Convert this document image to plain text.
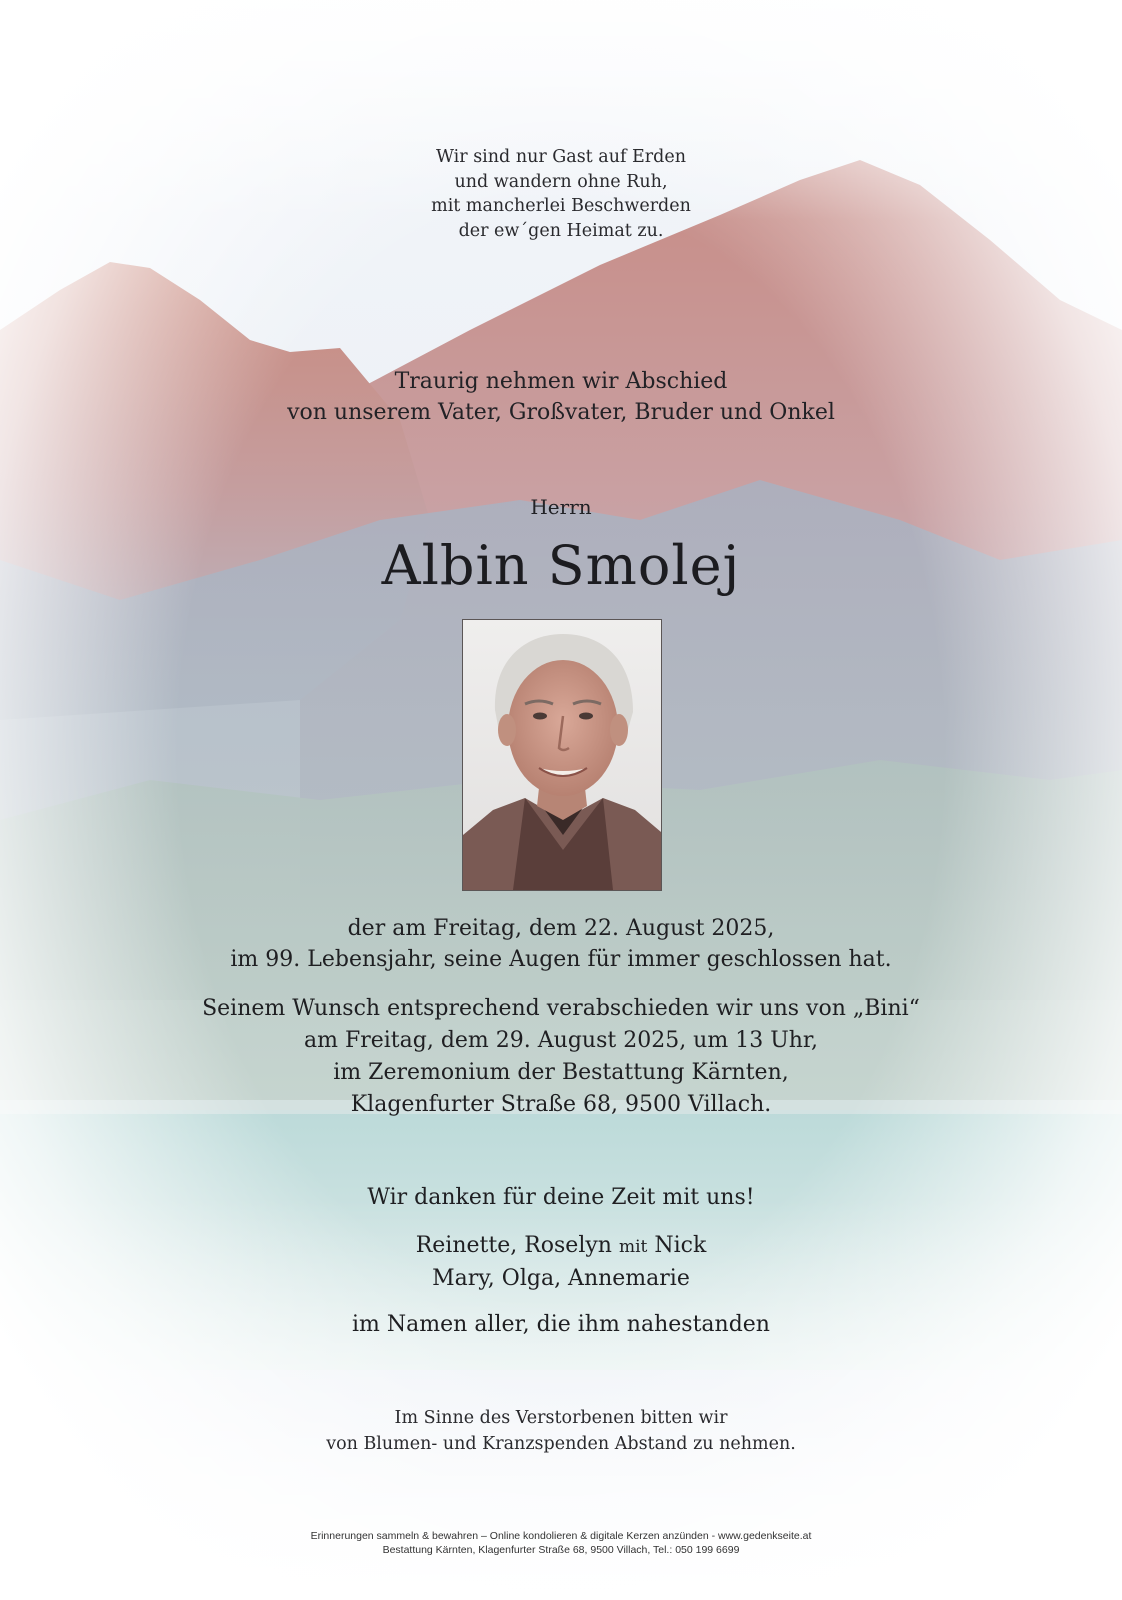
Wir sind nur Gast auf Erden
und wandern ohne Ruh,
mit mancherlei Beschwerden
der ew´gen Heimat zu.
Traurig nehmen wir Abschied
von unserem Vater, Großvater, Bruder und Onkel
Herrn
Albin Smolej
der am Freitag, dem 22. August 2025,
im 99. Lebensjahr, seine Augen für immer geschlossen hat.
Seinem Wunsch entsprechend verabschieden wir uns von „Bini“
am Freitag, dem 29. August 2025, um 13 Uhr,
im Zeremonium der Bestattung Kärnten,
Klagenfurter Straße 68, 9500 Villach.
Wir danken für deine Zeit mit uns!
Reinette, Roselyn mit Nick
Mary, Olga, Annemarie
im Namen aller, die ihm nahestanden
Im Sinne des Verstorbenen bitten wir
von Blumen- und Kranzspenden Abstand zu nehmen.
Erinnerungen sammeln & bewahren – Online kondolieren & digitale Kerzen anzünden - www.gedenkseite.at
Bestattung Kärnten, Klagenfurter Straße 68, 9500 Villach, Tel.: 050 199 6699
